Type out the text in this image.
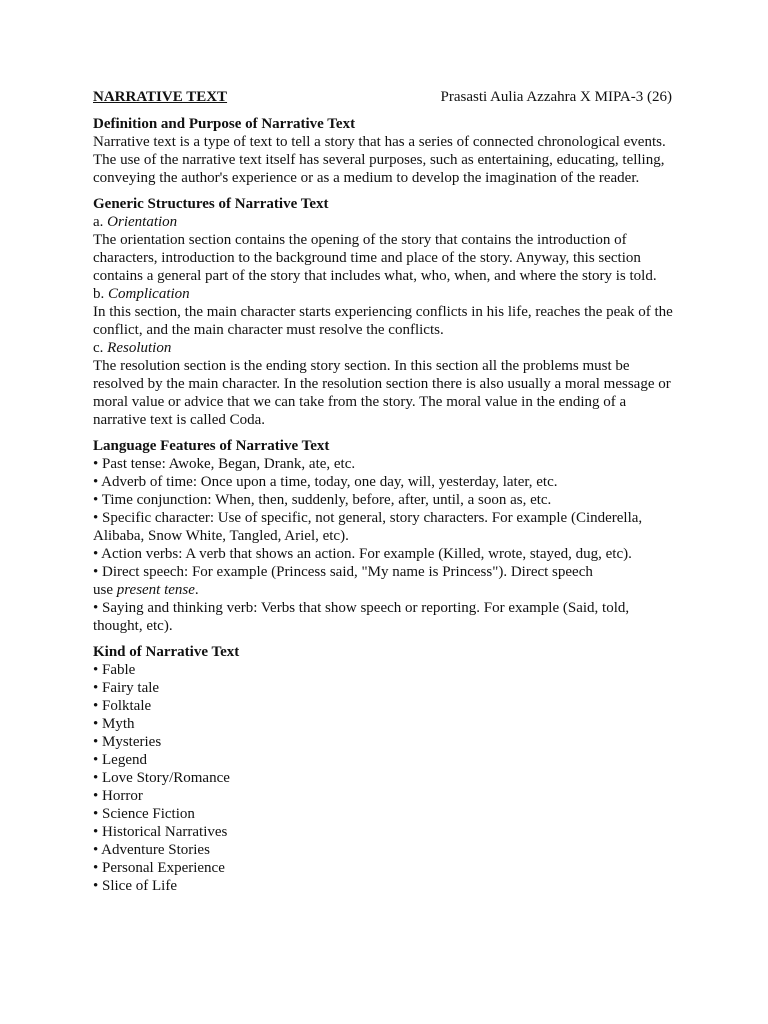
NARRATIVE TEXT	Prasasti Aulia Azzahra X MIPA-3 (26)
Definition and Purpose of Narrative Text

Narrative text is a type of text to tell a story that has a series of connected chronological events. The use of the narrative text itself has several purposes, such as entertaining, educating, telling, conveying the author's experience or as a medium to develop the imagination of the reader.

Generic Structures of Narrative Text
a. Orientation

The orientation section contains the opening of the story that contains the introduction of characters, introduction to the background time and place of the story. Anyway, this section contains a general part of the story that includes what, who, when, and where the story is told.

b. Complication

In this section, the main character starts experiencing conflicts in his life, reaches the peak of the conflict, and the main character must resolve the conflicts.

c. Resolution

The resolution section is the ending story section. In this section all the problems must be resolved by the main character. In the resolution section there is also usually a moral message or moral value or advice that we can take from the story. The moral value in the ending of a narrative text is called Coda.

Language Features of Narrative Text
• Past tense: Awoke, Began, Drank, ate, etc.
• Adverb of time: Once upon a time, today, one day, will, yesterday, later, etc.
• Time conjunction: When, then, suddenly, before, after, until, a soon as, etc.
• Specific character: Use of specific, not general, story characters. For example (Cinderella, Alibaba, Snow White, Tangled, Ariel, etc).
• Action verbs: A verb that shows an action. For example (Killed, wrote, stayed, dug, etc).
• Direct speech: For example (Princess said, "My name is Princess"). Direct speech
use present tense.
• Saying and thinking verb: Verbs that show speech or reporting. For example (Said, told, thought, etc).
Kind of Narrative Text
• Fable
• Fairy tale
• Folktale
• Myth
• Mysteries
• Legend
• Love Story/Romance
• Horror
• Science Fiction
• Historical Narratives
• Adventure Stories
• Personal Experience
• Slice of Life
